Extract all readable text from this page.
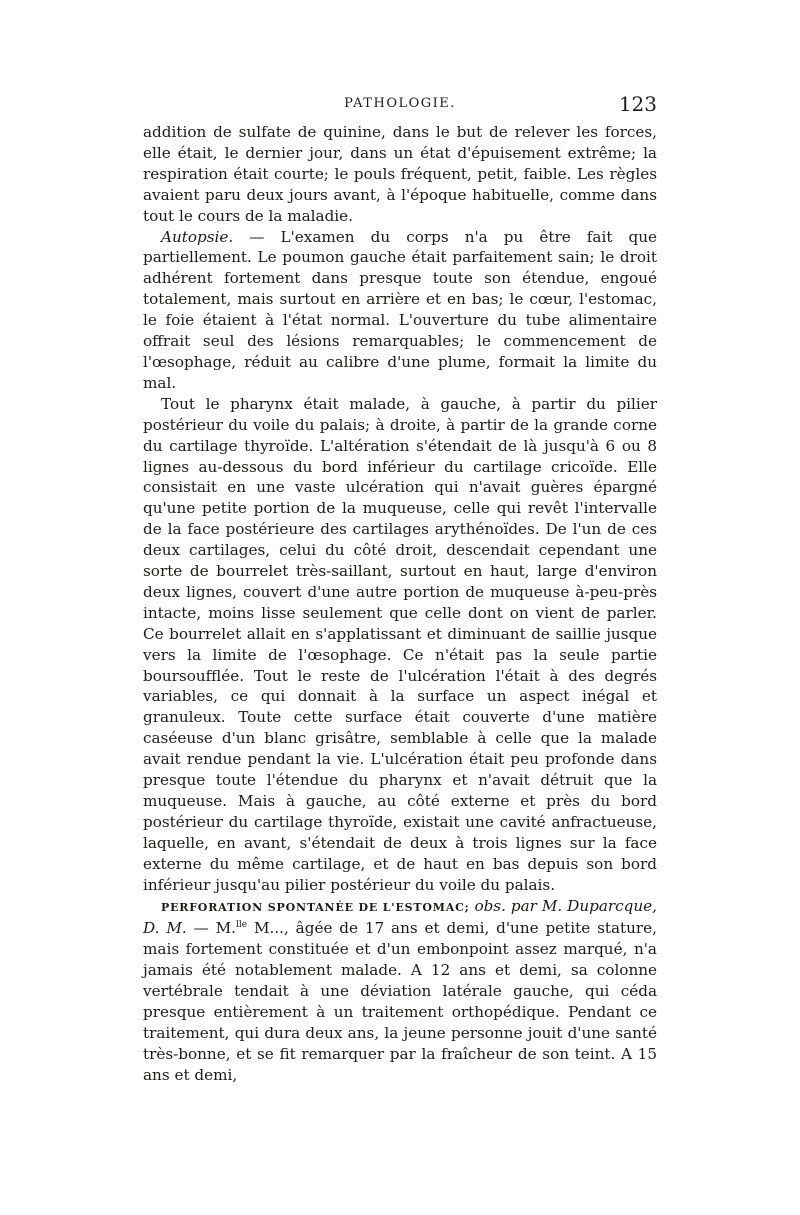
PATHOLOGIE.	123

addition de sulfate de quinine, dans le but de relever les forces, elle était, le dernier jour, dans un état d'épuisement extrême; la respiration était courte; le pouls fréquent, petit, faible. Les règles avaient paru deux jours avant, à l'époque habituelle, comme dans tout le cours de la maladie.

Autopsie. — L'examen du corps n'a pu être fait que partiellement. Le poumon gauche était parfaitement sain; le droit adhérent fortement dans presque toute son étendue, engoué totalement, mais surtout en arrière et en bas; le cœur, l'estomac, le foie étaient à l'état normal. L'ouverture du tube alimentaire offrait seul des lésions remarquables; le commencement de l'œsophage, réduit au calibre d'une plume, formait la limite du mal.

Tout le pharynx était malade, à gauche, à partir du pilier postérieur du voile du palais; à droite, à partir de la grande corne du cartilage thyroïde. L'altération s'étendait de là jusqu'à 6 ou 8 lignes au-dessous du bord inférieur du cartilage cricoïde. Elle consistait en une vaste ulcération qui n'avait guères épargné qu'une petite portion de la muqueuse, celle qui revêt l'intervalle de la face postérieure des cartilages arythénoïdes. De l'un de ces deux cartilages, celui du côté droit, descendait cependant une sorte de bourrelet très-saillant, surtout en haut, large d'environ deux lignes, couvert d'une autre portion de muqueuse à-peu-près intacte, moins lisse seulement que celle dont on vient de parler. Ce bourrelet allait en s'applatissant et diminuant de saillie jusque vers la limite de l'œsophage. Ce n'était pas la seule partie boursoufflée. Tout le reste de l'ulcération l'était à des degrés variables, ce qui donnait à la surface un aspect inégal et granuleux. Toute cette surface était couverte d'une matière caséeuse d'un blanc grisâtre, semblable à celle que la malade avait rendue pendant la vie. L'ulcération était peu profonde dans presque toute l'étendue du pharynx et n'avait détruit que la muqueuse. Mais à gauche, au côté externe et près du bord postérieur du cartilage thyroïde, existait une cavité anfractueuse, laquelle, en avant, s'étendait de deux à trois lignes sur la face externe du même cartilage, et de haut en bas depuis son bord inférieur jusqu'au pilier postérieur du voile du palais.

PERFORATION SPONTANÉE DE L'ESTOMAC; obs. par M. Duparcque, D. M. — M.$^{lle}$ M..., âgée de 17 ans et demi, d'une petite stature, mais fortement constituée et d'un embonpoint assez marqué, n'a jamais été notablement malade. A 12 ans et demi, sa colonne vertébrale tendait à une déviation latérale gauche, qui céda presque entièrement à un traitement orthopédique. Pendant ce traitement, qui dura deux ans, la jeune personne jouit d'une santé très-bonne, et se fit remarquer par la fraîcheur de son teint. A 15 ans et demi,
